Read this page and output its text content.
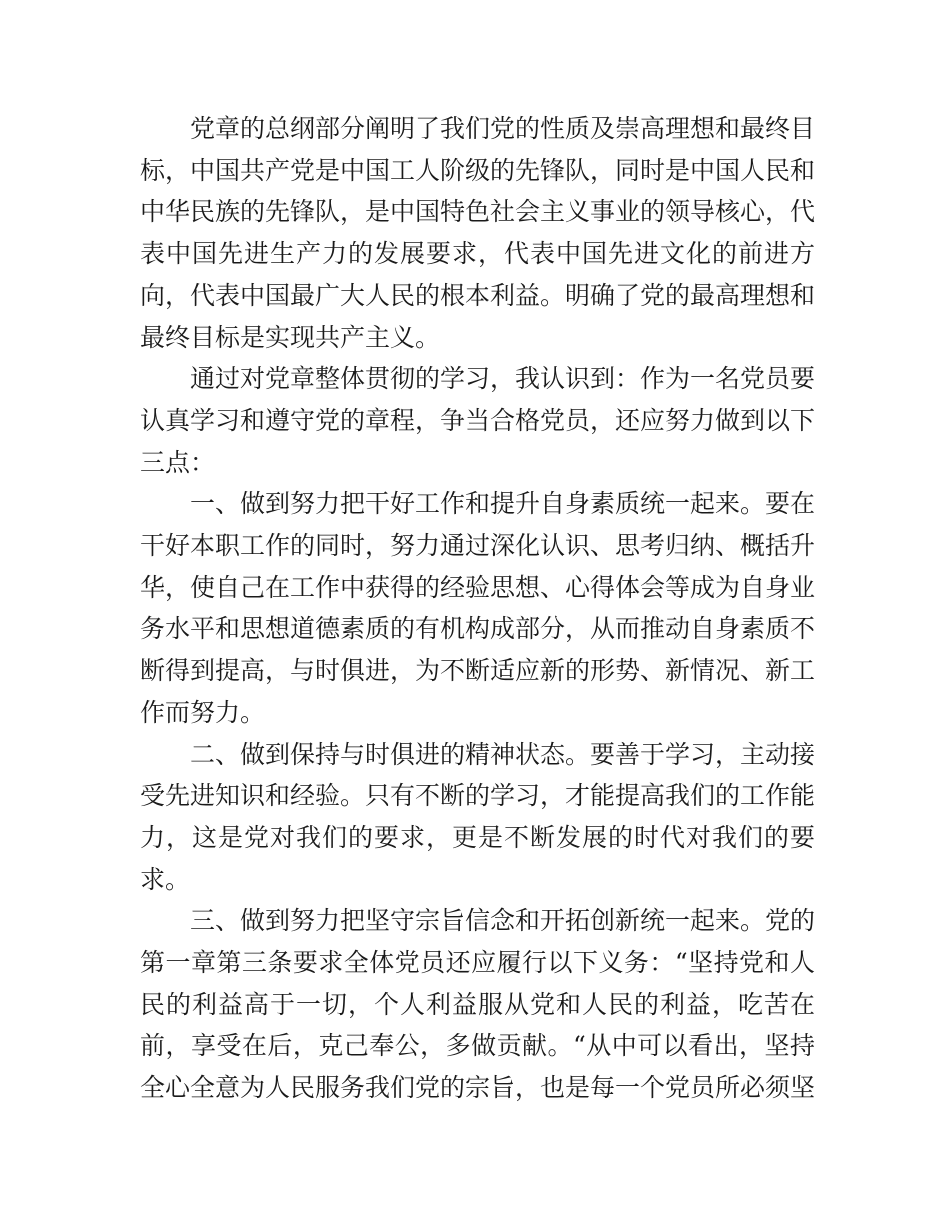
党章的总纲部分阐明了我们党的性质及崇高理想和最终目标，中国共产党是中国工人阶级的先锋队，同时是中国人民和中华民族的先锋队，是中国特色社会主义事业的领导核心，代表中国先进生产力的发展要求，代表中国先进文化的前进方向，代表中国最广大人民的根本利益。明确了党的最高理想和最终目标是实现共产主义。

通过对党章整体贯彻的学习，我认识到：作为一名党员要认真学习和遵守党的章程，争当合格党员，还应努力做到以下三点：

一、做到努力把干好工作和提升自身素质统一起来。要在干好本职工作的同时，努力通过深化认识、思考归纳、概括升华，使自己在工作中获得的经验思想、心得体会等成为自身业务水平和思想道德素质的有机构成部分，从而推动自身素质不断得到提高，与时俱进，为不断适应新的形势、新情况、新工作而努力。

二、做到保持与时俱进的精神状态。要善于学习，主动接受先进知识和经验。只有不断的学习，才能提高我们的工作能力，这是党对我们的要求，更是不断发展的时代对我们的要求。

三、做到努力把坚守宗旨信念和开拓创新统一起来。党的第一章第三条要求全体党员还应履行以下义务：“坚持党和人民的利益高于一切，个人利益服从党和人民的利益，吃苦在前，享受在后，克己奉公，多做贡献。“从中可以看出，坚持全心全意为人民服务我们党的宗旨，也是每一个党员所必须坚
